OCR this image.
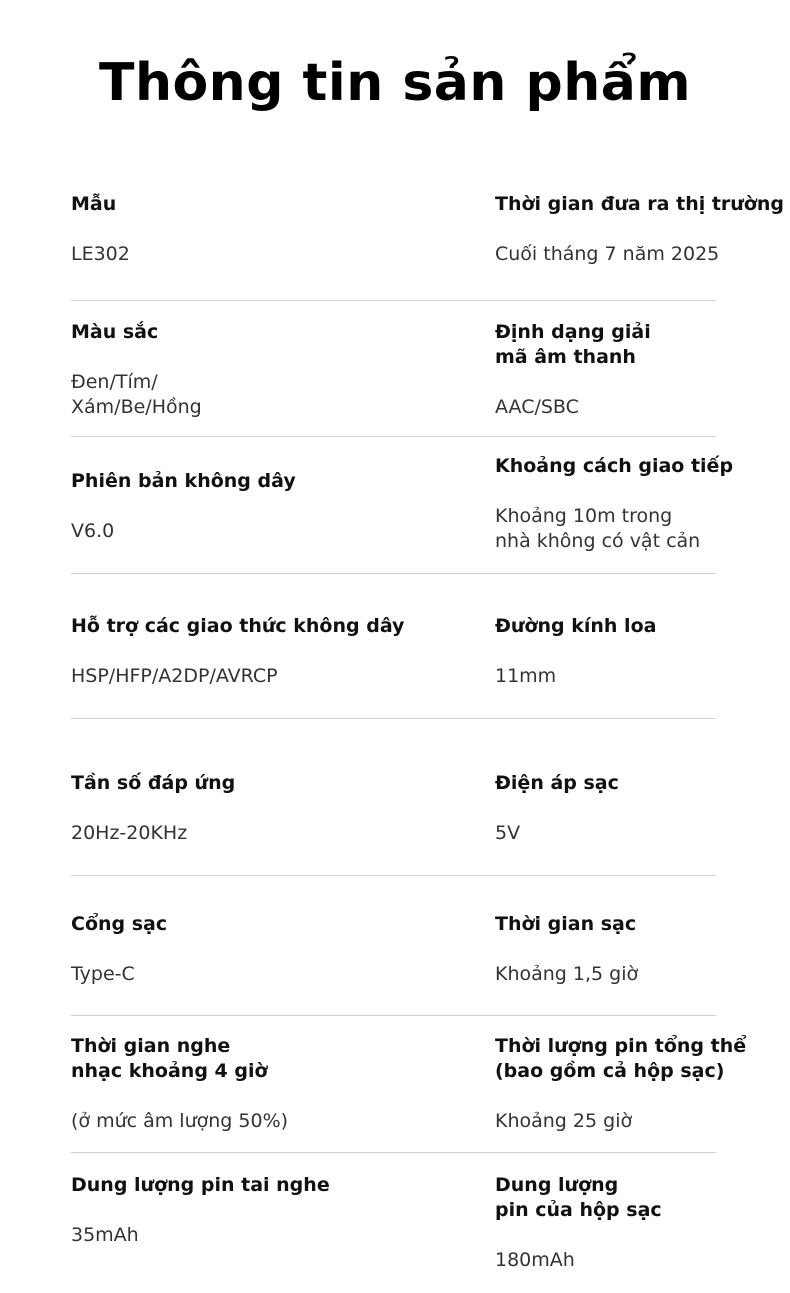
Thông tin sản phẩm
Mẫu
LE302
Thời gian đưa ra thị trường
Cuối tháng 7 năm 2025
Màu sắc
Đen/Tím/
Xám/Be/Hồng
Định dạng giải
mã âm thanh
AAC/SBC
Phiên bản không dây
V6.0
Khoảng cách giao tiếp
Khoảng 10m trong
nhà không có vật cản
Hỗ trợ các giao thức không dây
HSP/HFP/A2DP/AVRCP
Đường kính loa
11mm
Tần số đáp ứng
20Hz-20KHz
Điện áp sạc
5V
Cổng sạc
Type-C
Thời gian sạc
Khoảng 1,5 giờ
Thời gian nghe
nhạc khoảng 4 giờ
(ở mức âm lượng 50%)
Thời lượng pin tổng thể
(bao gồm cả hộp sạc)
Khoảng 25 giờ
Dung lượng pin tai nghe
35mAh
Dung lượng
pin của hộp sạc
180mAh
